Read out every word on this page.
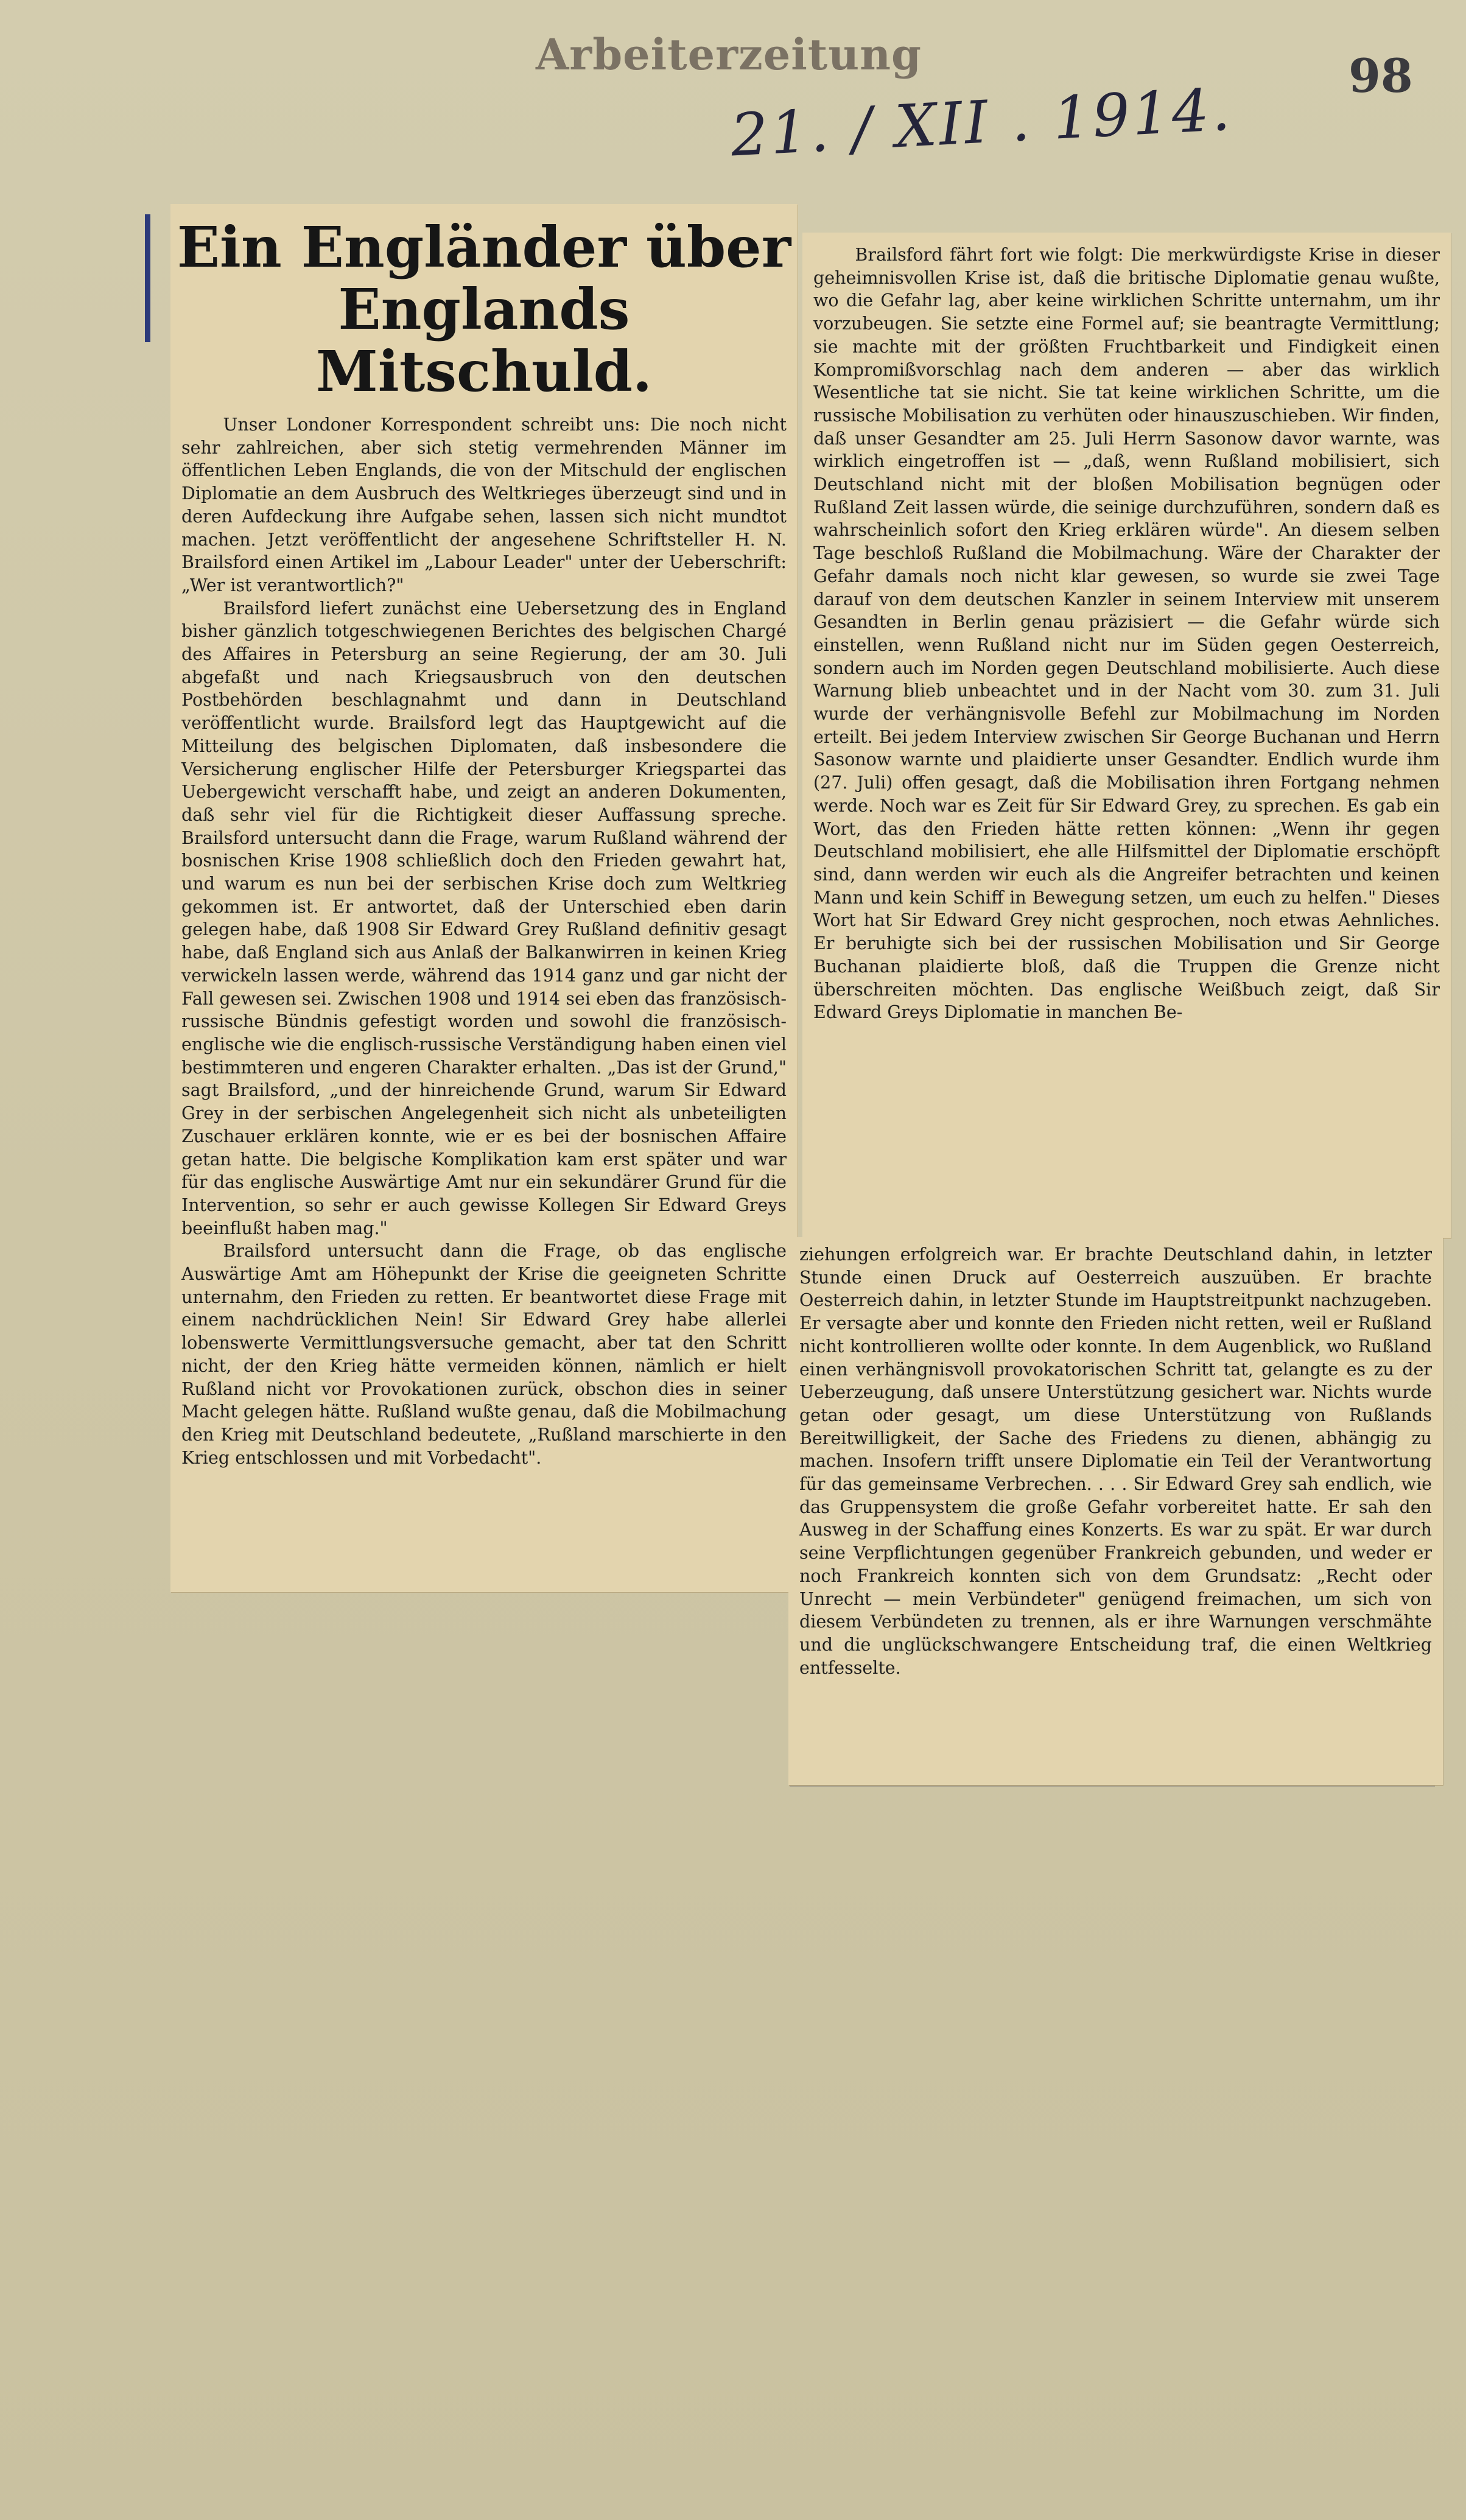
Arbeiterzeitung	98
21. / XII . 1914.
Ein Engländer über Englands Mitschuld.

Unser Londoner Korrespondent schreibt uns: Die noch nicht sehr zahlreichen, aber sich stetig vermehrenden Männer im öffentlichen Leben Englands, die von der Mitschuld der englischen Diplomatie an dem Ausbruch des Weltkrieges überzeugt sind und in deren Aufdeckung ihre Aufgabe sehen, lassen sich nicht mundtot machen. Jetzt veröffentlicht der angesehene Schriftsteller H. N. Brailsford einen Artikel im „Labour Leader" unter der Ueberschrift: „Wer ist verantwortlich?"

Brailsford liefert zunächst eine Uebersetzung des in England bisher gänzlich totgeschwiegenen Berichtes des belgischen Chargé des Affaires in Petersburg an seine Regierung, der am 30. Juli abgefaßt und nach Kriegsausbruch von den deutschen Postbehörden beschlagnahmt und dann in Deutschland veröffentlicht wurde. Brailsford legt das Hauptgewicht auf die Mitteilung des belgischen Diplomaten, daß insbesondere die Versicherung englischer Hilfe der Petersburger Kriegspartei das Uebergewicht verschafft habe, und zeigt an anderen Dokumenten, daß sehr viel für die Richtigkeit dieser Auffassung spreche. Brailsford untersucht dann die Frage, warum Rußland während der bosnischen Krise 1908 schließlich doch den Frieden gewahrt hat, und warum es nun bei der serbischen Krise doch zum Weltkrieg gekommen ist. Er antwortet, daß der Unterschied eben darin gelegen habe, daß 1908 Sir Edward Grey Rußland definitiv gesagt habe, daß England sich aus Anlaß der Balkanwirren in keinen Krieg verwickeln lassen werde, während das 1914 ganz und gar nicht der Fall gewesen sei. Zwischen 1908 und 1914 sei eben das französisch-russische Bündnis gefestigt worden und sowohl die französisch-englische wie die englisch-russische Verständigung haben einen viel bestimmteren und engeren Charakter erhalten. „Das ist der Grund," sagt Brailsford, „und der hinreichende Grund, warum Sir Edward Grey in der serbischen Angelegenheit sich nicht als unbeteiligten Zuschauer erklären konnte, wie er es bei der bosnischen Affaire getan hatte. Die belgische Komplikation kam erst später und war für das englische Auswärtige Amt nur ein sekundärer Grund für die Intervention, so sehr er auch gewisse Kollegen Sir Edward Greys beeinflußt haben mag."

Brailsford untersucht dann die Frage, ob das englische Auswärtige Amt am Höhepunkt der Krise die geeigneten Schritte unternahm, den Frieden zu retten. Er beantwortet diese Frage mit einem nachdrücklichen Nein! Sir Edward Grey habe allerlei lobenswerte Vermittlungsversuche gemacht, aber tat den Schritt nicht, der den Krieg hätte vermeiden können, nämlich er hielt Rußland nicht vor Provokationen zurück, obschon dies in seiner Macht gelegen hätte. Rußland wußte genau, daß die Mobilmachung den Krieg mit Deutschland bedeutete, „Rußland marschierte in den Krieg entschlossen und mit Vorbedacht".

Brailsford fährt fort wie folgt: Die merkwürdigste Krise in dieser geheimnisvollen Krise ist, daß die britische Diplomatie genau wußte, wo die Gefahr lag, aber keine wirklichen Schritte unternahm, um ihr vorzubeugen. Sie setzte eine Formel auf; sie beantragte Vermittlung; sie machte mit der größten Fruchtbarkeit und Findigkeit einen Kompromißvorschlag nach dem anderen — aber das wirklich Wesentliche tat sie nicht. Sie tat keine wirklichen Schritte, um die russische Mobilisation zu verhüten oder hinauszuschieben. Wir finden, daß unser Gesandter am 25. Juli Herrn Sasonow davor warnte, was wirklich eingetroffen ist — „daß, wenn Rußland mobilisiert, sich Deutschland nicht mit der bloßen Mobilisation begnügen oder Rußland Zeit lassen würde, die seinige durchzuführen, sondern daß es wahrscheinlich sofort den Krieg erklären würde". An diesem selben Tage beschloß Rußland die Mobilmachung. Wäre der Charakter der Gefahr damals noch nicht klar gewesen, so wurde sie zwei Tage darauf von dem deutschen Kanzler in seinem Interview mit unserem Gesandten in Berlin genau präzisiert — die Gefahr würde sich einstellen, wenn Rußland nicht nur im Süden gegen Oesterreich, sondern auch im Norden gegen Deutschland mobilisierte. Auch diese Warnung blieb unbeachtet und in der Nacht vom 30. zum 31. Juli wurde der verhängnisvolle Befehl zur Mobilmachung im Norden erteilt. Bei jedem Interview zwischen Sir George Buchanan und Herrn Sasonow warnte und plaidierte unser Gesandter. Endlich wurde ihm (27. Juli) offen gesagt, daß die Mobilisation ihren Fortgang nehmen werde. Noch war es Zeit für Sir Edward Grey, zu sprechen. Es gab ein Wort, das den Frieden hätte retten können: „Wenn ihr gegen Deutschland mobilisiert, ehe alle Hilfsmittel der Diplomatie erschöpft sind, dann werden wir euch als die Angreifer betrachten und keinen Mann und kein Schiff in Bewegung setzen, um euch zu helfen." Dieses Wort hat Sir Edward Grey nicht gesprochen, noch etwas Aehnliches. Er beruhigte sich bei der russischen Mobilisation und Sir George Buchanan plaidierte bloß, daß die Truppen die Grenze nicht überschreiten möchten. Das englische Weißbuch zeigt, daß Sir Edward Greys Diplomatie in manchen Be-

ziehungen erfolgreich war. Er brachte Deutschland dahin, in letzter Stunde einen Druck auf Oesterreich auszuüben. Er brachte Oesterreich dahin, in letzter Stunde im Hauptstreitpunkt nachzugeben. Er versagte aber und konnte den Frieden nicht retten, weil er Rußland nicht kontrollieren wollte oder konnte. In dem Augenblick, wo Rußland einen verhängnisvoll provokatorischen Schritt tat, gelangte es zu der Ueberzeugung, daß unsere Unterstützung gesichert war. Nichts wurde getan oder gesagt, um diese Unterstützung von Rußlands Bereitwilligkeit, der Sache des Friedens zu dienen, abhängig zu machen. Insofern trifft unsere Diplomatie ein Teil der Verantwortung für das gemeinsame Verbrechen. . . . Sir Edward Grey sah endlich, wie das Gruppensystem die große Gefahr vorbereitet hatte. Er sah den Ausweg in der Schaffung eines Konzerts. Es war zu spät. Er war durch seine Verpflichtungen gegenüber Frankreich gebunden, und weder er noch Frankreich konnten sich von dem Grundsatz: „Recht oder Unrecht — mein Verbündeter" genügend freimachen, um sich von diesem Verbündeten zu trennen, als er ihre Warnungen verschmähte und die unglückschwangere Entscheidung traf, die einen Weltkrieg entfesselte.
